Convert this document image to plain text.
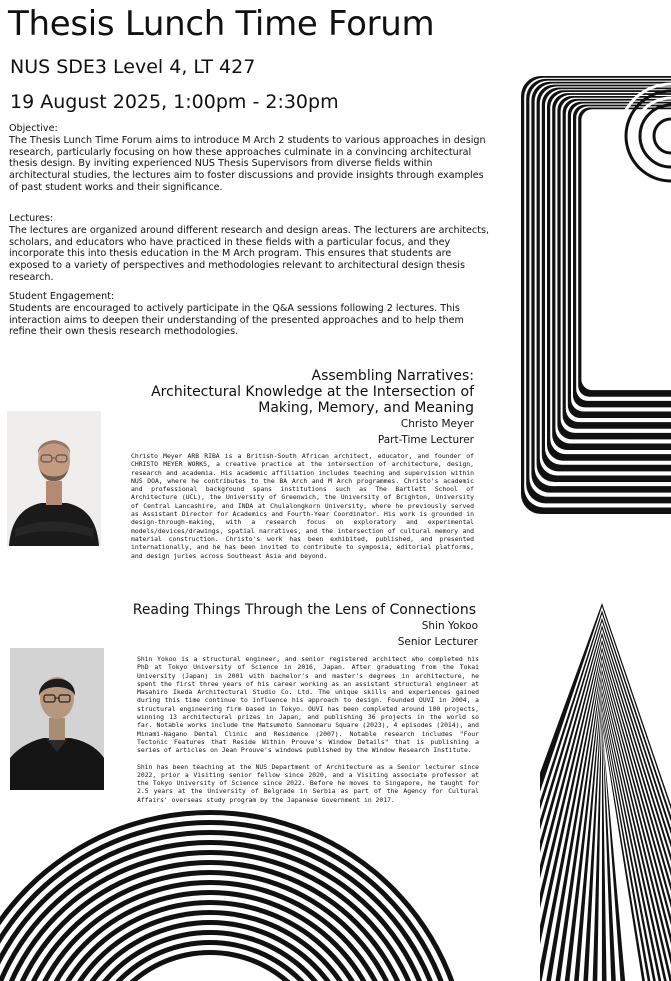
Thesis Lunch Time Forum
NUS SDE3 Level 4, LT 427
19 August 2025, 1:00pm - 2:30pm
Objective:
The Thesis Lunch Time Forum aims to introduce M Arch 2 students to various approaches in design research, particularly focusing on how these approaches culminate in a convincing architectural thesis design. By inviting experienced NUS Thesis Supervisors from diverse fields within architectural studies, the lectures aim to foster discussions and provide insights through examples of past student works and their significance.
Lectures:
The lectures are organized around different research and design areas. The lecturers are architects, scholars, and educators who have practiced in these fields with a particular focus, and they incorporate this into thesis education in the M Arch program. This ensures that students are exposed to a variety of perspectives and methodologies relevant to architectural design thesis research.
Student Engagement:
Students are encouraged to actively participate in the Q&A sessions following 2 lectures. This interaction aims to deepen their understanding of the presented approaches and to help them refine their own thesis research methodologies.
Assembling Narratives:
Architectural Knowledge at the Intersection of
Making, Memory, and Meaning
Christo Meyer
Part-Time Lecturer

Christo Meyer ARB RIBA is a British-South African architect, educator, and founder of CHRISTO MEYER WORKS, a creative practice at the intersection of architecture, design, research and academia. His academic affiliation includes teaching and supervision within NUS DOA, where he contributes to the BA Arch and M Arch programmes. Christo's academic and professional background spans institutions such as The Bartlett School of Architecture (UCL), the University of Greenwich, the University of Brighton, University of Central Lancashire, and INDA at Chulalongkorn University, where he previously served as Assistant Director for Academics and Fourth-Year Coordinator. His work is grounded in design-through-making, with a research focus on exploratory and experimental models/devices/drawings, spatial narratives, and the intersection of cultural memory and material construction. Christo's work has been exhibited, published, and presented internationally, and he has been invited to contribute to symposia, editorial platforms, and design juries across Southeast Asia and beyond.

Reading Things Through the Lens of Connections
Shin Yokoo
Senior Lecturer

Shin Yokoo is a structural engineer, and senior registered architect who completed his PhD at Tokyo University of Science in 2016, Japan. After graduating from the Tokai University (Japan) in 2001 with bachelor's and master's degrees in architecture, he spent the first three years of his career working as an assistant structural engineer at Masahiro Ikeda Architectural Studio Co. Ltd. The unique skills and experiences gained during this time continue to influence his approach to design. Founded OUVI in 2004, a structural engineering firm based in Tokyo. OUVI has been completed around 100 projects, winning 13 architectural prizes in Japan, and publishing 36 projects in the world so far. Notable works include the Matsumoto Sannomaru Square (2023), 4 episodes (2014), and Minami-Nagano Dental Clinic and Residence (2007). Notable research includes "Four Tectonic Features that Reside Within Prouve's Window Details" that is publishing a series of articles on Jean Prouve's windows published by the Window Research Institute.

Shin has been teaching at the NUS Department of Architecture as a Senior lecturer since 2022, prior a Visiting senior fellow since 2020, and a Visiting associate professor at the Tokyo University of Science since 2022. Before he moves to Singapore, he taught for 2.5 years at the University of Belgrade in Serbia as part of the Agency for Cultural Affairs' overseas study program by the Japanese Government in 2017.
